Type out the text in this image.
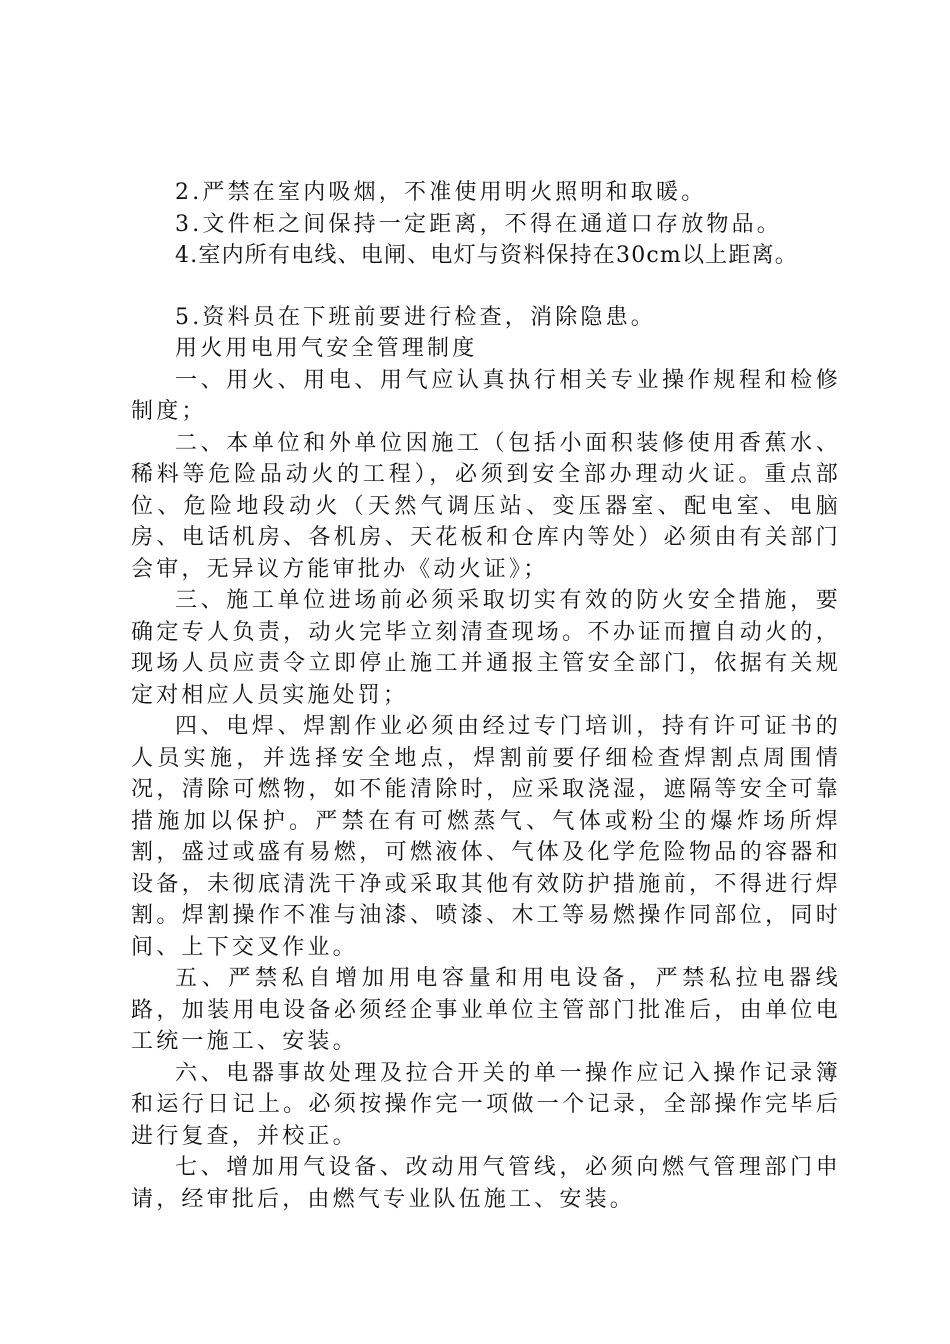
2.严禁在室内吸烟，不准使用明火照明和取暖。

3.文件柜之间保持一定距离，不得在通道口存放物品。

4.室内所有电线、电闸、电灯与资料保持在30cm以上距离。

5.资料员在下班前要进行检查，消除隐患。

用火用电用气安全管理制度

一、用火、用电、用气应认真执行相关专业操作规程和检修制度；

二、本单位和外单位因施工（包括小面积装修使用香蕉水、稀料等危险品动火的工程），必须到安全部办理动火证。重点部位、危险地段动火（天然气调压站、变压器室、配电室、电脑房、电话机房、各机房、天花板和仓库内等处）必须由有关部门会审，无异议方能审批办《动火证》；

三、施工单位进场前必须采取切实有效的防火安全措施，要确定专人负责，动火完毕立刻清查现场。不办证而擅自动火的，现场人员应责令立即停止施工并通报主管安全部门，依据有关规定对相应人员实施处罚；

四、电焊、焊割作业必须由经过专门培训，持有许可证书的人员实施，并选择安全地点，焊割前要仔细检查焊割点周围情况，清除可燃物，如不能清除时，应采取浇湿，遮隔等安全可靠措施加以保护。严禁在有可燃蒸气、气体或粉尘的爆炸场所焊割，盛过或盛有易燃，可燃液体、气体及化学危险物品的容器和设备，未彻底清洗干净或采取其他有效防护措施前，不得进行焊割。焊割操作不准与油漆、喷漆、木工等易燃操作同部位，同时间、上下交叉作业。

五、严禁私自增加用电容量和用电设备，严禁私拉电器线路，加装用电设备必须经企事业单位主管部门批准后，由单位电工统一施工、安装。

六、电器事故处理及拉合开关的单一操作应记入操作记录簿和运行日记上。必须按操作完一项做一个记录，全部操作完毕后进行复查，并校正。

七、增加用气设备、改动用气管线，必须向燃气管理部门申请，经审批后，由燃气专业队伍施工、安装。
